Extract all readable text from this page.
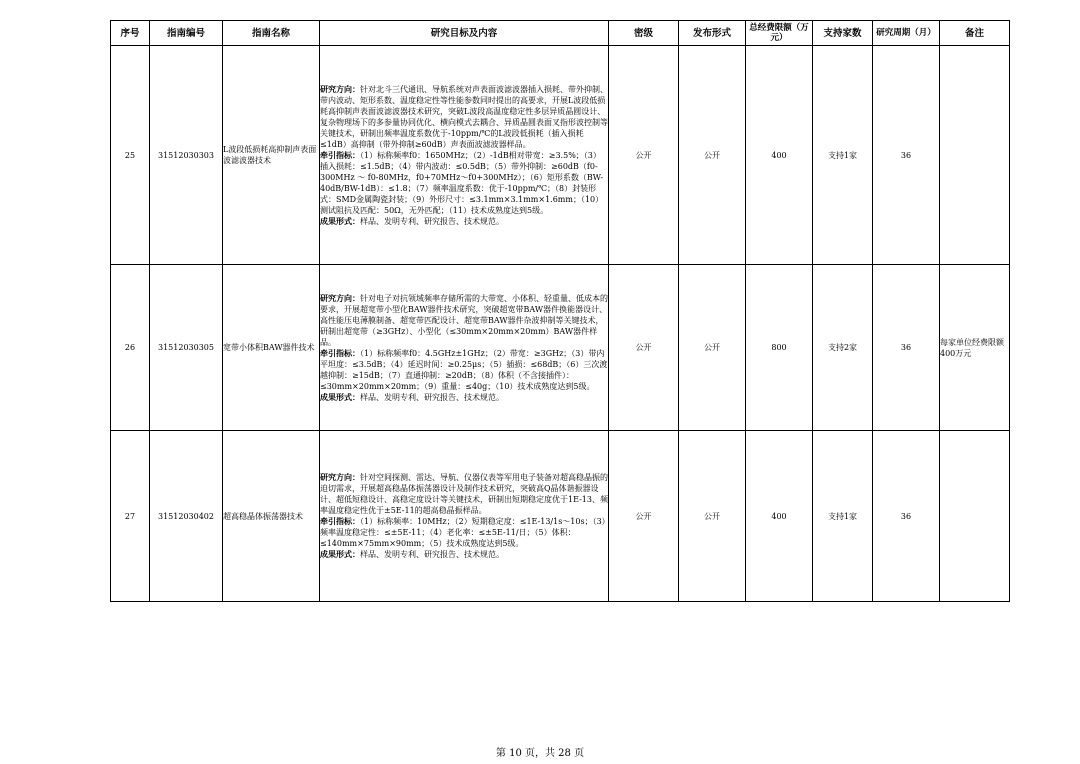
序号	指南编号	指南名称	研究目标及内容	密级	发布形式	总经费限额（万元）	支持家数	研究周期（月）	备注
25	31512030303	L波段低损耗高抑制声表面波滤波器技术	研究方向：针对北斗三代通讯、导航系统对声表面波滤波器插入损耗、带外抑制、带内波动、矩形系数、温度稳定性等性能参数同时提出的高要求，开展L波段低损耗高抑制声表面波滤波器技术研究，突破L波段高温度稳定性多层异质晶圆设计、复杂物理场下的多参量协同优化、横向模式去耦合、异质晶圆表面叉指形波控制等关键技术，研制出频率温度系数优于-10ppm/℃的L波段低损耗（插入损耗≤1dB）高抑制（带外抑制≥60dB）声表面波滤波器样品。
牵引指标：（1）标称频率f0：1650MHz；（2）-1dB相对带宽：≥3.5%；（3）插入损耗：≤1.5dB；（4）带内波动：≤0.5dB；（5）带外抑制：≥60dB（f0-300MHz ～ f0-80MHz，f0+70MHz～f0+300MHz）；（6）矩形系数（BW-40dB/BW-1dB）：≤1.8；（7）频率温度系数：优于-10ppm/℃；（8）封装形式：SMD金属陶瓷封装；（9）外形尺寸：≤3.1mm×3.1mm×1.6mm；（10）测试阻抗及匹配：50Ω，无外匹配；（11）技术成熟度达到5级。
成果形式：样品、发明专利、研究报告、技术规范。	公开	公开	400	支持1家	36	
26	31512030305	宽带小体积BAW器件技术	研究方向：针对电子对抗领域频率存储所需的大带宽、小体积、轻重量、低成本的要求，开展超宽带小型化BAW器件技术研究，突破超宽带BAW器件换能器设计、高性能压电薄膜制备、超宽带匹配设计、超宽带BAW器件杂波抑制等关键技术，研制出超宽带（≥3GHz）、小型化（≤30mm×20mm×20mm）BAW器件样品。
牵引指标：（1）标称频率f0：4.5GHz±1GHz；（2）带宽：≥3GHz；（3）带内平坦度：≤3.5dB；（4）延迟时间：≥0.25μs；（5）插损：≤68dB；（6）三次渡越抑制：≥15dB；（7）直通抑制：≥20dB；（8）体积（不含接插件）：≤30mm×20mm×20mm；（9）重量：≤40g；（10）技术成熟度达到5级。
成果形式：样品、发明专利、研究报告、技术规范。	公开	公开	800	支持2家	36	每家单位经费限额400万元
27	31512030402	超高稳晶体振荡器技术	研究方向：针对空间探测、雷达、导航、仪器仪表等军用电子装备对超高稳晶振的迫切需求，开展超高稳晶体振荡器设计及制作技术研究，突破高Q晶体谐振器设计、超低短稳设计、高稳定度设计等关键技术，研制出短期稳定度优于1E-13、频率温度稳定性优于±5E-11的超高稳晶振样品。
牵引指标：（1）标称频率：10MHz；（2）短期稳定度：≤1E-13/1s～10s；（3）频率温度稳定性：≤±5E-11；（4）老化率：≤±5E-11/日；（5）体积：≤140mm×75mm×90mm；（5）技术成熟度达到5级。
成果形式：样品、发明专利、研究报告、技术规范。	公开	公开	400	支持1家	36	
第 10 页，共 28 页
